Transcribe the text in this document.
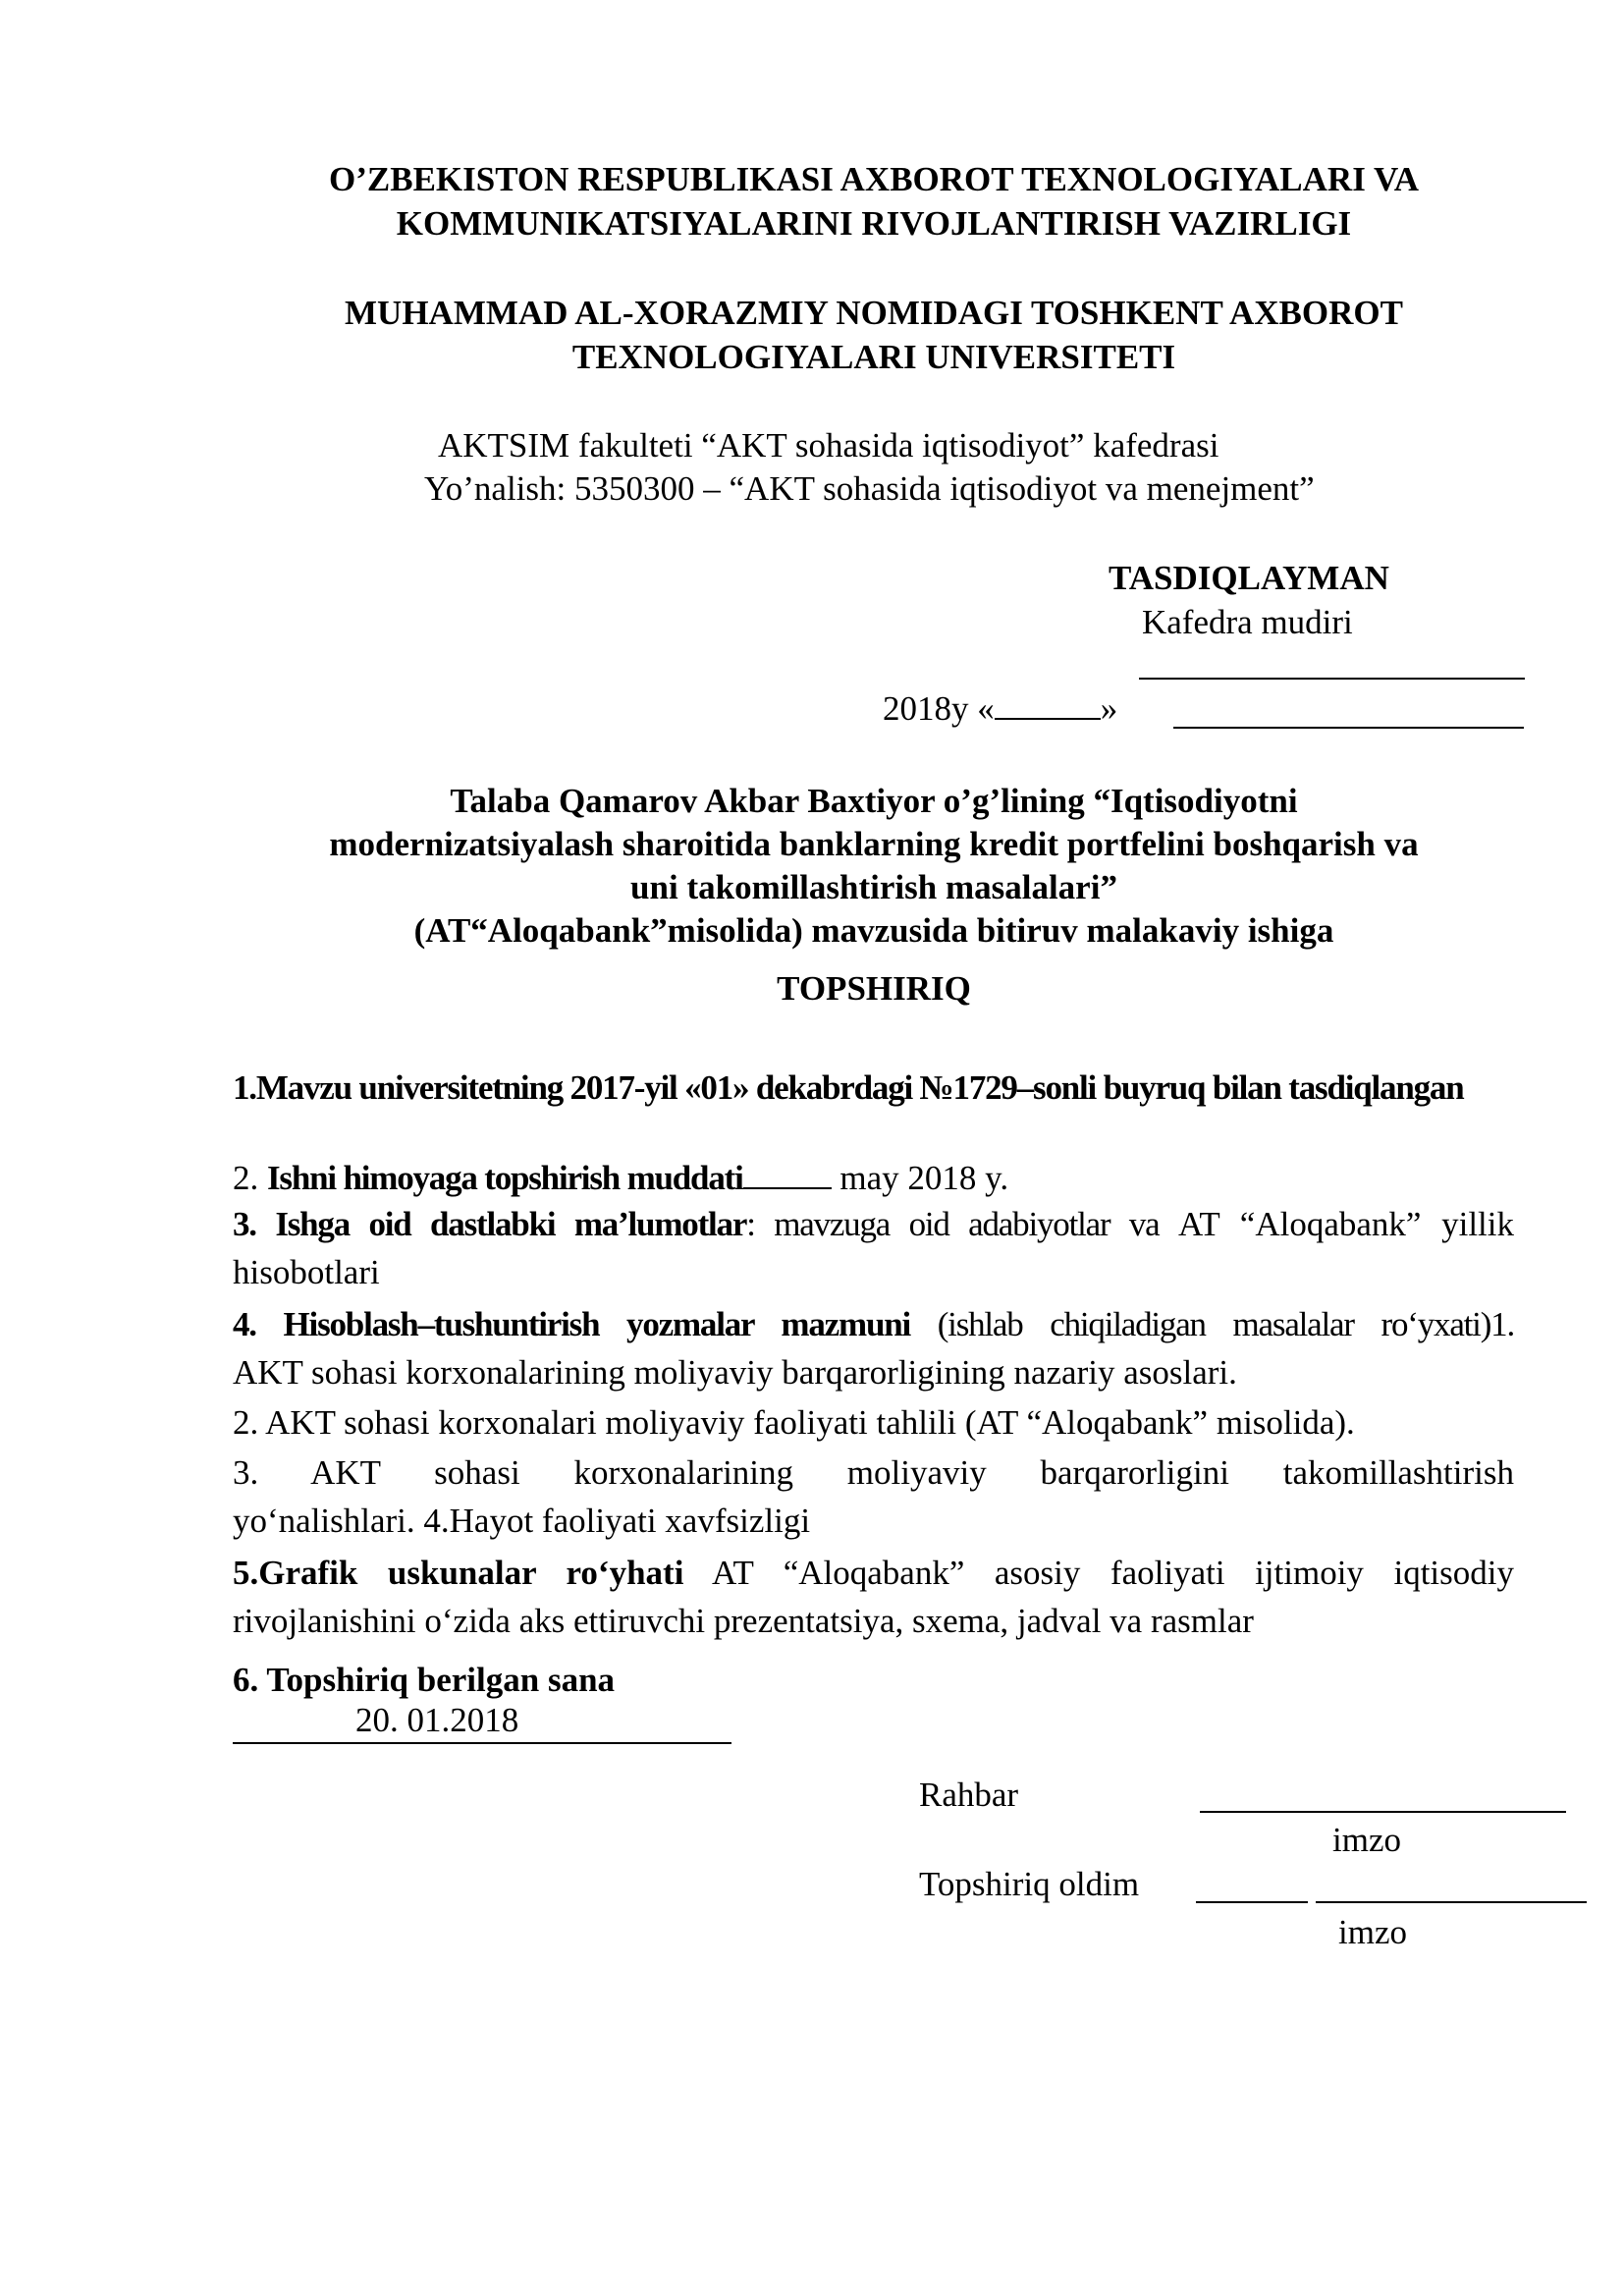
O’ZBEKISTON RESPUBLIKASI AXBOROT TEXNOLOGIYALARI VA
KOMMUNIKATSIYALARINI RIVOJLANTIRISH VAZIRLIGI
MUHAMMAD AL-XORAZMIY NOMIDAGI TOSHKENT AXBOROT
TEXNOLOGIYALARI UNIVERSITETI
AKTSIM fakulteti “AKT sohasida iqtisodiyot” kafedrasi
Yo’nalish: 5350300 – “AKT sohasida iqtisodiyot va menejment”
TASDIQLAYMAN
Kafedra mudiri
2018y «	»
Talaba Qamarov Akbar Baxtiyor o’g’lining “Iqtisodiyotni
modernizatsiyalash sharoitida banklarning kredit portfelini boshqarish va
uni takomillashtirish masalalari”
(AT“Aloqabank”misolida) mavzusida bitiruv malakaviy ishiga
TOPSHIRIQ
1.Mavzu universitetning 2017-yil «01» dekabrdagi №1729–sonli buyruq bilan tasdiqlangan
2. Ishni himoyaga topshirish muddati	may 2018 y.
3. Ishga oid dastlabki ma’lumotlar: mavzuga oid adabiyotlar va AT “Aloqabank” yillik hisobotlari
4. Hisoblash–tushuntirish yozmalar mazmuni (ishlab chiqiladigan masalalar ro‘yxati)1.
AKT sohasi korxonalarining moliyaviy barqarorligining nazariy asoslari.
2. AKT sohasi korxonalari moliyaviy faoliyati tahlili (AT “Aloqabank” misolida).
3. AKT sohasi korxonalarining moliyaviy barqarorligini takomillashtirish
yo‘nalishlari. 4.Hayot faoliyati xavfsizligi
5.Grafik uskunalar ro‘yhati AT “Aloqabank” asosiy faoliyati ijtimoiy iqtisodiy rivojlanishini o‘zida aks ettiruvchi prezentatsiya, sxema, jadval va rasmlar
6. Topshiriq berilgan sana
20. 01.2018
Rahbar
imzo
Topshiriq oldim
imzo
